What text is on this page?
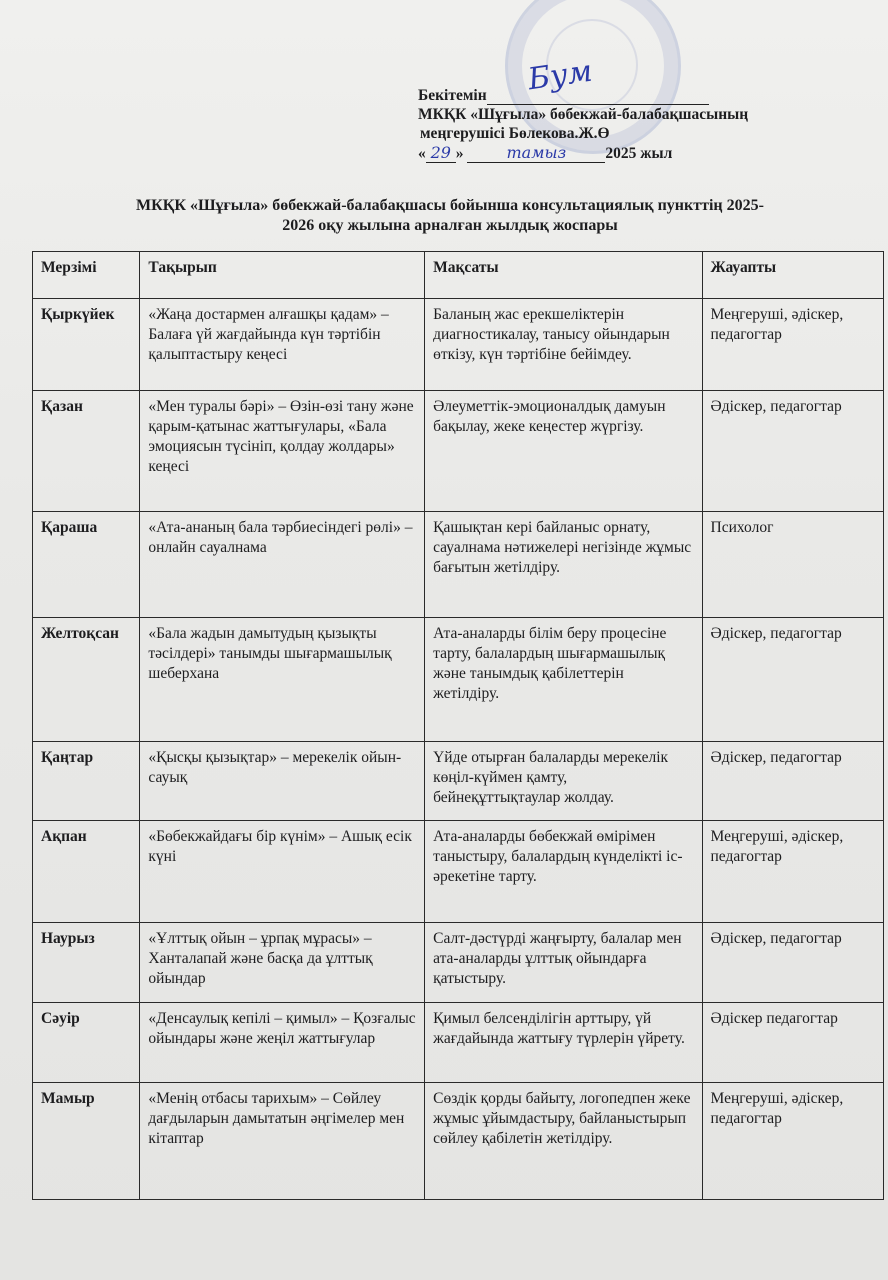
Бум
Бекітемін
МКҚК «Шұғыла» бөбекжай-балабақшасының
меңгерушісі Бөлекова.Ж.Ө
« 29 »	тамыз	2025 жыл
МКҚК «Шұғыла» бөбекжай-балабақшасы бойынша консультациялық пункттің 2025-
2026 оқу жылына арналған жылдық жоспары
Мерзімі	Тақырып	Мақсаты	Жауапты
Қыркүйек	«Жаңа достармен алғашқы қадам» – Балаға үй жағдайында күн тәртібін қалыптастыру кеңесі	Баланың жас ерекшеліктерін диагностикалау, танысу ойындарын өткізу, күн тәртібіне бейімдеу.	Меңгеруші, әдіскер, педагогтар
Қазан	«Мен туралы бәрі» – Өзін-өзі тану және қарым-қатынас жаттығулары, «Бала эмоциясын түсініп, қолдау жолдары» кеңесі	Әлеуметтік-эмоционалдық дамуын бақылау, жеке кеңестер жүргізу.	Әдіскер, педагогтар
Қараша	«Ата-ананың бала тәрбиесіндегі рөлі» – онлайн сауалнама	Қашықтан кері байланыс орнату, сауалнама нәтижелері негізінде жұмыс бағытын жетілдіру.	Психолог
Желтоқсан	«Бала жадын дамытудың қызықты тәсілдері» танымды шығармашылық шеберхана	Ата-аналарды білім беру процесіне тарту, балалардың шығармашылық және танымдық қабілеттерін жетілдіру.	Әдіскер, педагогтар
Қаңтар	«Қысқы қызықтар» – мерекелік ойын-сауық	Үйде отырған балаларды мерекелік көңіл-күймен қамту, бейнеқұттықтаулар жолдау.	Әдіскер, педагогтар
Ақпан	«Бөбекжайдағы бір күнім» – Ашық есік күні	Ата-аналарды бөбекжай өмірімен таныстыру, балалардың күнделікті іс-әрекетіне тарту.	Меңгеруші, әдіскер, педагогтар
Наурыз	«Ұлттық ойын – ұрпақ мұрасы» – Ханталапай және басқа да ұлттық ойындар	Салт-дәстүрді жаңғырту, балалар мен ата-аналарды ұлттық ойындарға қатыстыру.	Әдіскер, педагогтар
Сәуір	«Денсаулық кепілі – қимыл» – Қозғалыс ойындары және жеңіл жаттығулар	Қимыл белсенділігін арттыру, үй жағдайында жаттығу түрлерін үйрету.	Әдіскер педагогтар
Мамыр	«Менің отбасы тарихым» – Сөйлеу дағдыларын дамытатын әңгімелер мен кітаптар	Сөздік қорды байыту, логопедпен жеке жұмыс ұйымдастыру, байланыстырып сөйлеу қабілетін жетілдіру.	Меңгеруші, әдіскер, педагогтар
